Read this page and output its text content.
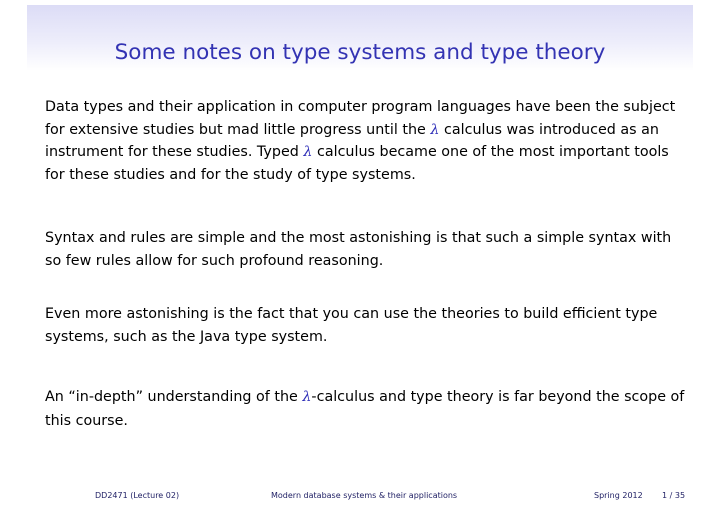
Some notes on type systems and type theory

Data types and their application in computer program languages have been the subject for extensive studies but mad little progress until the λ calculus was introduced as an instrument for these studies. Typed λ calculus became one of the most important tools for these studies and for the study of type systems.

Syntax and rules are simple and the most astonishing is that such a simple syntax with so few rules allow for such profound reasoning.

Even more astonishing is the fact that you can use the theories to build efficient type systems, such as the Java type system.

An “in-depth” understanding of the λ-calculus and type theory is far beyond the scope of this course.

DD2471 (Lecture 02)	Modern database systems & their applications	Spring 2012 1 / 35
